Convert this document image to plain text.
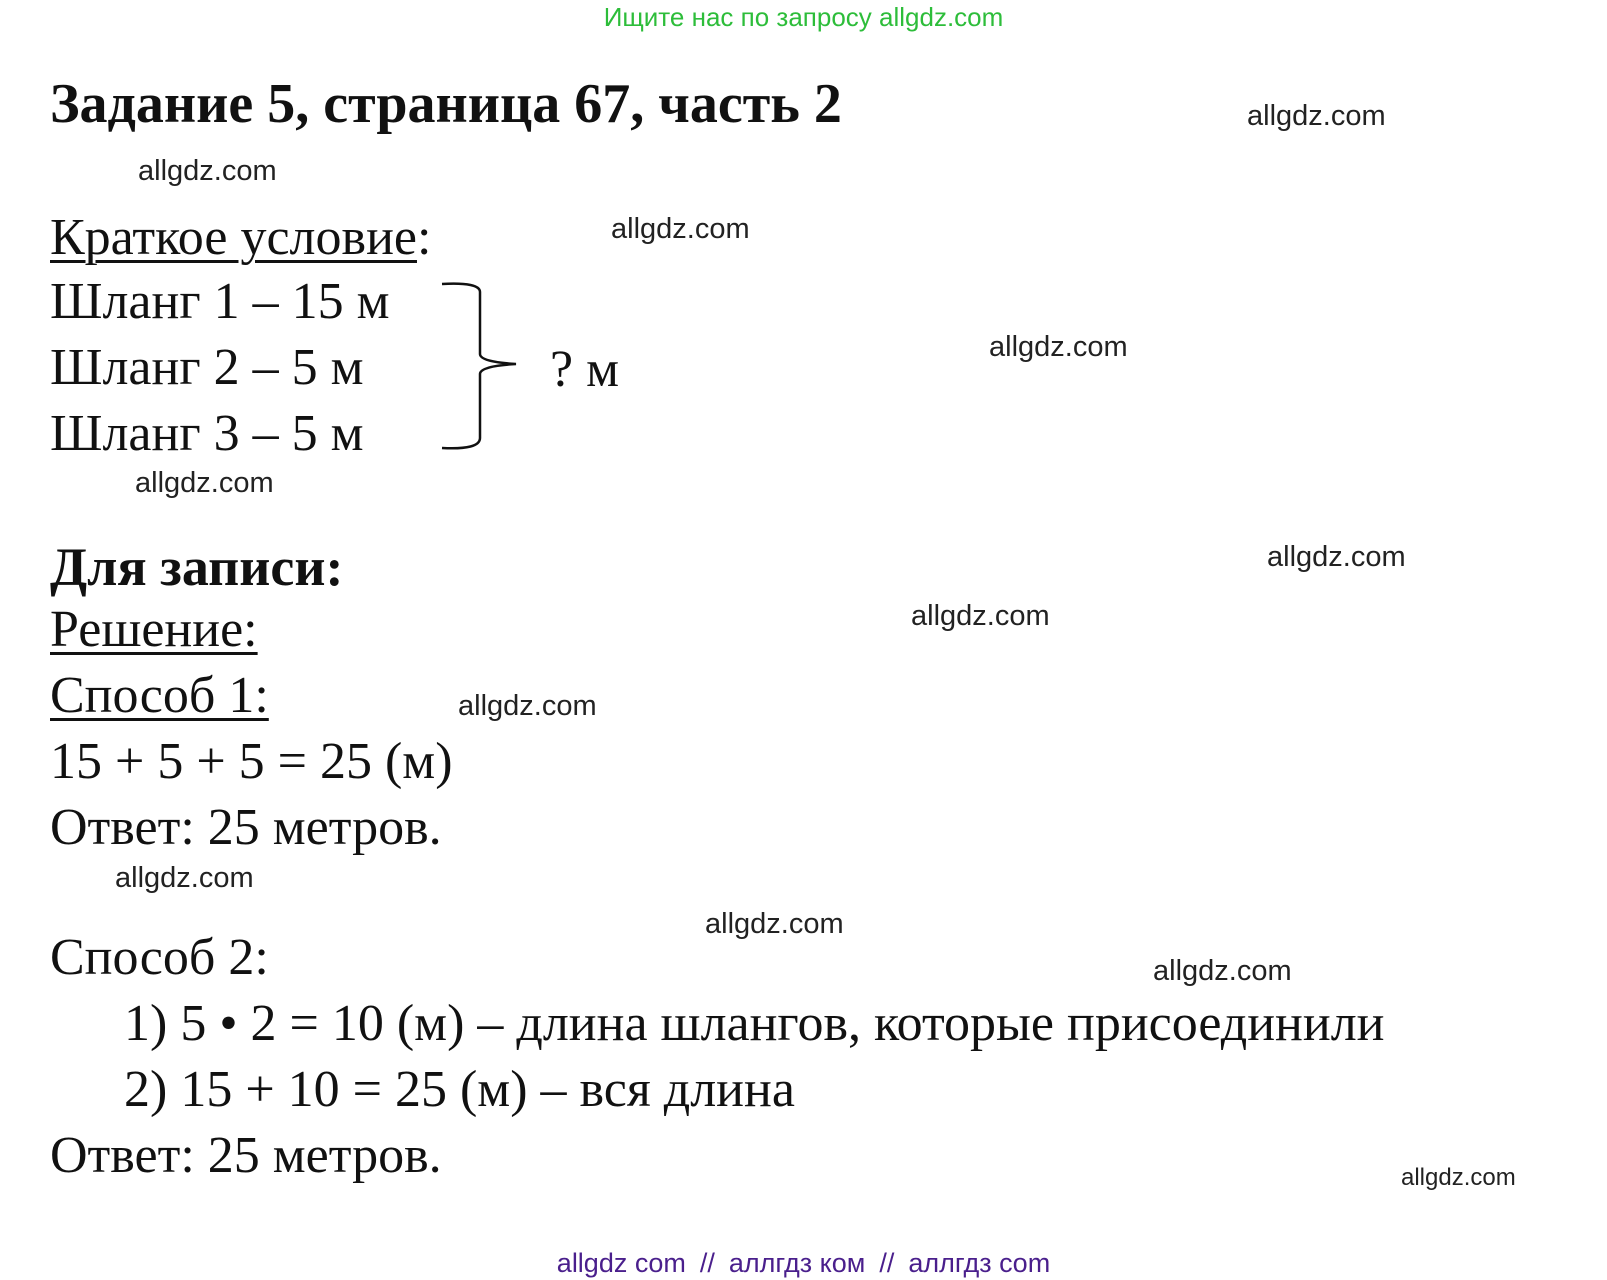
Ищите нас по запросу allgdz.com
Задание 5, страница 67, часть 2
Краткое условие:
Шланг 1 – 15 м
Шланг 2 – 5 м
Шланг 3 – 5 м
? м
Для записи:
Решение:
Способ 1:
15 + 5 + 5 = 25 (м)
Ответ: 25 метров.
Способ 2:
1) 5 • 2 = 10 (м) – длина шлангов, которые присоединили
2) 15 + 10 = 25 (м) – вся длина
Ответ: 25 метров.
allgdz.com
allgdz.com
allgdz.com
allgdz.com
allgdz.com
allgdz.com
allgdz.com
allgdz.com
allgdz.com
allgdz.com
allgdz.com
allgdz.com
allgdz com // аллгдз ком // аллгдз com
